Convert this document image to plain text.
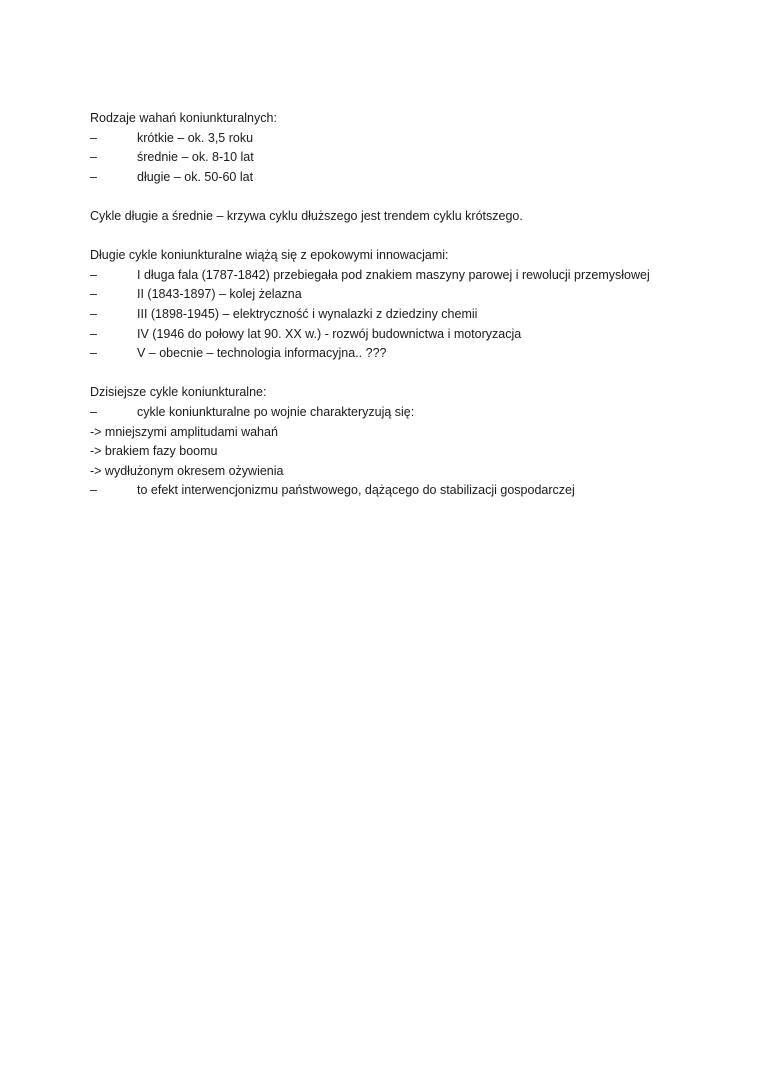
Rodzaje wahań koniunkturalnych:
–	krótkie – ok. 3,5 roku
–	średnie – ok. 8-10 lat
–	długie – ok. 50-60 lat
Cykle długie a średnie – krzywa cyklu dłuższego jest trendem cyklu krótszego.
Długie cykle koniunkturalne wiążą się z epokowymi innowacjami:
–	I długa fala (1787-1842) przebiegała pod znakiem maszyny parowej i rewolucji przemysłowej
–	II (1843-1897) – kolej żelazna
–	III (1898-1945) – elektryczność i wynalazki z dziedziny chemii
–	IV (1946 do połowy lat 90. XX w.) - rozwój budownictwa i motoryzacja
–	V – obecnie – technologia informacyjna.. ???
Dzisiejsze cykle koniunkturalne:
–	cykle koniunkturalne po wojnie charakteryzują się:
-> mniejszymi amplitudami wahań
-> brakiem fazy boomu
-> wydłużonym okresem ożywienia
–	to efekt interwencjonizmu państwowego, dążącego do stabilizacji gospodarczej
